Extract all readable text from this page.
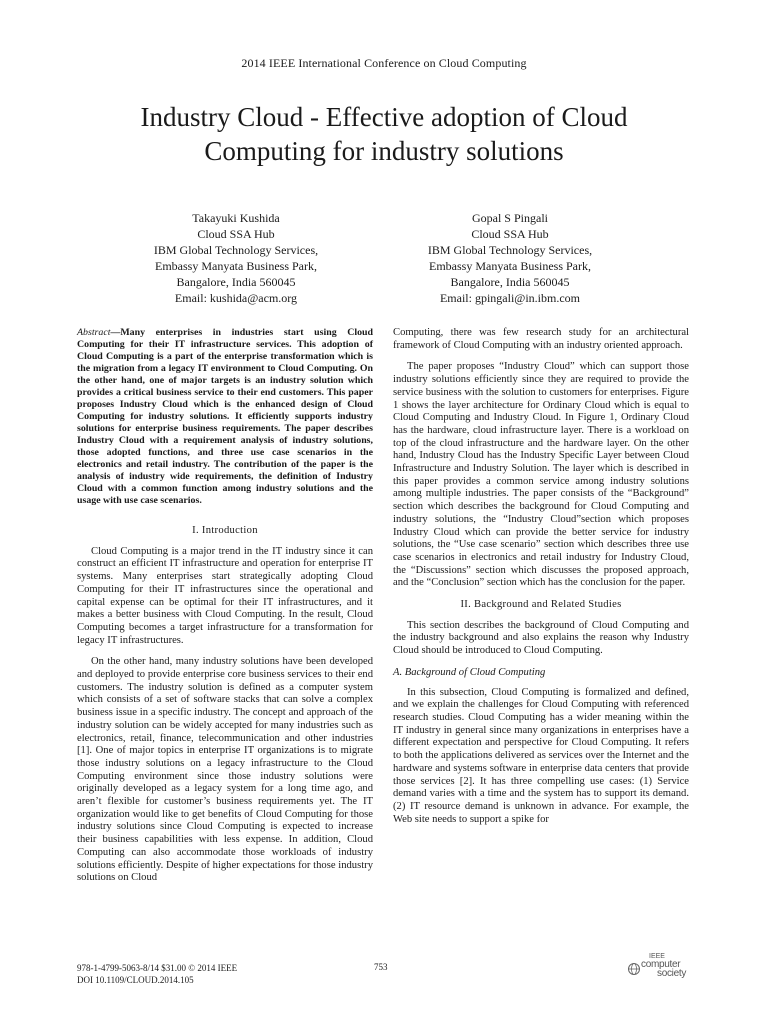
2014 IEEE International Conference on Cloud Computing
Industry Cloud - Effective adoption of Cloud
Computing for industry solutions
Takayuki Kushida
Cloud SSA Hub
IBM Global Technology Services,
Embassy Manyata Business Park,
Bangalore, India 560045
Email: kushida@acm.org
Gopal S Pingali
Cloud SSA Hub
IBM Global Technology Services,
Embassy Manyata Business Park,
Bangalore, India 560045
Email: gpingali@in.ibm.com

Abstract—Many enterprises in industries start using Cloud Computing for their IT infrastructure services. This adoption of Cloud Computing is a part of the enterprise transformation which is the migration from a legacy IT environment to Cloud Computing. On the other hand, one of major targets is an industry solution which provides a critical business service to their end customers. This paper proposes Industry Cloud which is the enhanced design of Cloud Computing for industry solutions. It efficiently supports industry solutions for enterprise business requirements. The paper describes Industry Cloud with a requirement analysis of industry solutions, those adopted functions, and three use case scenarios in the electronics and retail industry. The contribution of the paper is the analysis of industry wide requirements, the definition of Industry Cloud with a common function among industry solutions and the usage with use case scenarios.

I. Introduction

Cloud Computing is a major trend in the IT industry since it can construct an efficient IT infrastructure and operation for enterprise IT systems. Many enterprises start strategically adopting Cloud Computing for their IT infrastructures since the operational and capital expense can be optimal for their IT infrastructures, and it makes a better business with Cloud Computing. In the result, Cloud Computing becomes a target infrastructure for a transformation for legacy IT infrastructures.

On the other hand, many industry solutions have been developed and deployed to provide enterprise core business services to their end customers. The industry solution is defined as a computer system which consists of a set of software stacks that can solve a complex business issue in a specific industry. The concept and approach of the industry solution can be widely accepted for many industries such as electronics, retail, finance, telecommunication and other industries [1]. One of major topics in enterprise IT organizations is to migrate those industry solutions on a legacy infrastructure to the Cloud Computing environment since those industry solutions were originally developed as a legacy system for a long time ago, and aren’t flexible for customer’s business requirements yet. The IT organization would like to get benefits of Cloud Computing for those industry solutions since Cloud Computing is expected to increase their business capabilities with less expense. In addition, Cloud Computing can also accommodate those workloads of industry solutions efficiently. Despite of higher expectations for those industry solutions on Cloud

Computing, there was few research study for an architectural framework of Cloud Computing with an industry oriented approach.

The paper proposes “Industry Cloud” which can support those industry solutions efficiently since they are required to provide the service business with the solution to customers for enterprises. Figure 1 shows the layer architecture for Ordinary Cloud which is equal to Cloud Computing and Industry Cloud. In Figure 1, Ordinary Cloud has the hardware, cloud infrastructure layer. There is a workload on top of the cloud infrastructure and the hardware layer. On the other hand, Industry Cloud has the Industry Specific Layer between Cloud Infrastructure and Industry Solution. The layer which is described in this paper provides a common service among industry solutions among multiple industries. The paper consists of the “Background” section which describes the background for Cloud Computing and industry solutions, the “Industry Cloud”section which proposes Industry Cloud which can provide the better service for industry solutions, the “Use case scenario” section which describes three use case scenarios in electronics and retail industry for Industry Cloud, the “Discussions” section which discusses the proposed approach, and the “Conclusion” section which has the conclusion for the paper.

II. Background and Related Studies

This section describes the background of Cloud Computing and the industry background and also explains the reason why Industry Cloud should be introduced to Cloud Computing.

A. Background of Cloud Computing

In this subsection, Cloud Computing is formalized and defined, and we explain the challenges for Cloud Computing with referenced research studies. Cloud Computing has a wider meaning within the IT industry in general since many organizations in enterprises have a different expectation and perspective for Cloud Computing. It refers to both the applications delivered as services over the Internet and the hardware and systems software in enterprise data centers that provide those services [2]. It has three compelling use cases: (1) Service demand varies with a time and the system has to support its demand. (2) IT resource demand is unknown in advance. For example, the Web site needs to support a spike for

978-1-4799-5063-8/14 $31.00 © 2014 IEEE
DOI 10.1109/CLOUD.2014.105
753
IEEE
computer
society
